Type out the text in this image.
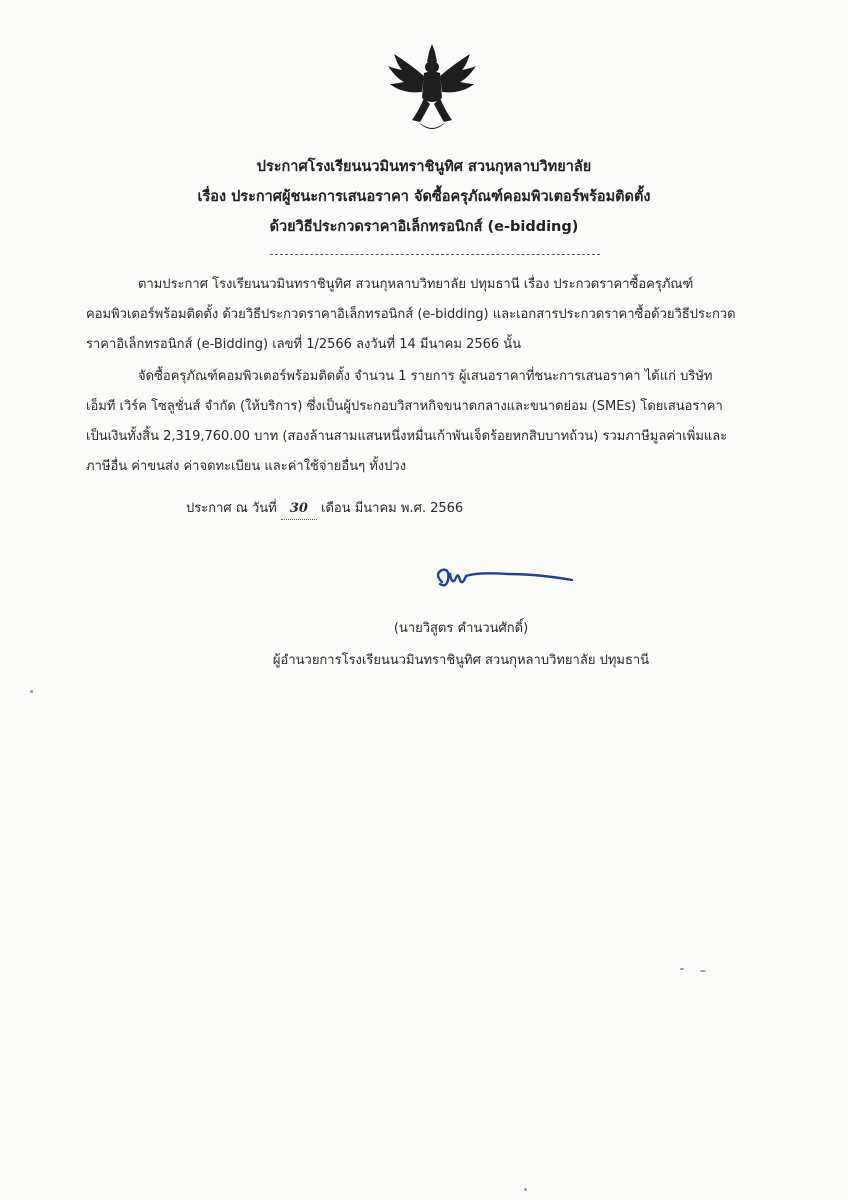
ประกาศโรงเรียนนวมินทราชินูทิศ สวนกุหลาบวิทยาลัย
เรื่อง ประกาศผู้ชนะการเสนอราคา จัดซื้อครุภัณฑ์คอมพิวเตอร์พร้อมติดตั้ง
ด้วยวิธีประกวดราคาอิเล็กทรอนิกส์ (e-bidding)
ตามประกาศ โรงเรียนนวมินทราชินูทิศ สวนกุหลาบวิทยาลัย ปทุมธานี เรื่อง ประกวดราคาซื้อครุภัณฑ์
คอมพิวเตอร์พร้อมติดตั้ง ด้วยวิธีประกวดราคาอิเล็กทรอนิกส์ (e-bidding) และเอกสารประกวดราคาซื้อด้วยวิธีประกวด
ราคาอิเล็กทรอนิกส์ (e-Bidding) เลขที่ 1/2566 ลงวันที่ 14 มีนาคม 2566 นั้น
จัดซื้อครุภัณฑ์คอมพิวเตอร์พร้อมติดตั้ง จำนวน 1 รายการ ผู้เสนอราคาที่ชนะการเสนอราคา ได้แก่ บริษัท
เอ็มที เวิร์ค โซลูชั่นส์ จำกัด (ให้บริการ) ซึ่งเป็นผู้ประกอบวิสาหกิจขนาดกลางและขนาดย่อม (SMEs) โดยเสนอราคา
เป็นเงินทั้งสิ้น 2,319,760.00 บาท (สองล้านสามแสนหนึ่งหมื่นเก้าพันเจ็ดร้อยหกสิบบาทถ้วน) รวมภาษีมูลค่าเพิ่มและ
ภาษีอื่น ค่าขนส่ง ค่าจดทะเบียน และค่าใช้จ่ายอื่นๆ ทั้งปวง
ประกาศ ณ วันที่ 30 เดือน มีนาคม พ.ศ. 2566
(นายวิสูตร คำนวนศักดิ์)
ผู้อำนวยการโรงเรียนนวมินทราชินูทิศ สวนกุหลาบวิทยาลัย ปทุมธานี
